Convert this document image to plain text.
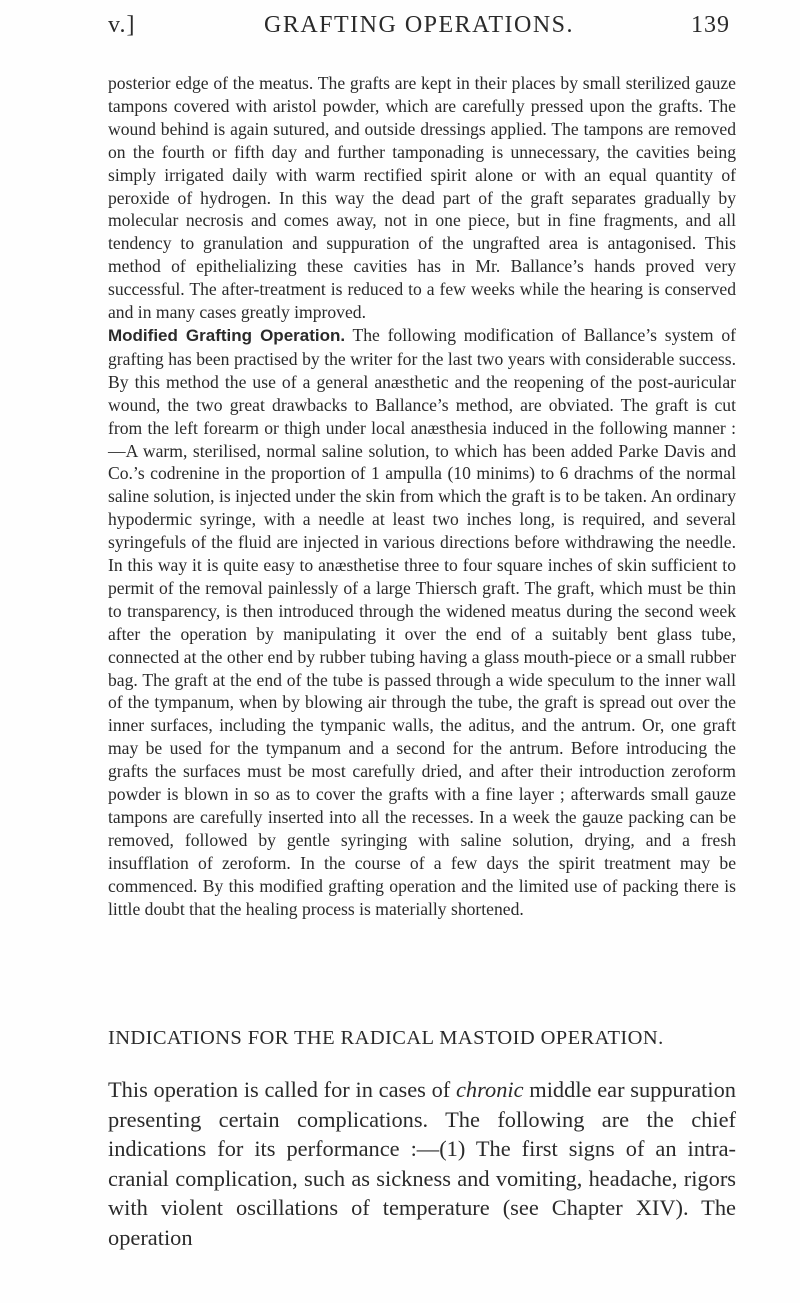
v.]	GRAFTING OPERATIONS.	139

posterior edge of the meatus. The grafts are kept in their places by small sterilized gauze tampons covered with aristol powder, which are carefully pressed upon the grafts. The wound behind is again sutured, and outside dressings applied. The tampons are removed on the fourth or fifth day and further tamponading is unnecessary, the cavities being simply irrigated daily with warm rectified spirit alone or with an equal quantity of peroxide of hydrogen. In this way the dead part of the graft separates gradually by molecular necrosis and comes away, not in one piece, but in fine fragments, and all tendency to granulation and suppuration of the ungrafted area is antagonised. This method of epithelializing these cavities has in Mr. Ballance’s hands proved very successful. The after-treatment is reduced to a few weeks while the hearing is conserved and in many cases greatly improved.

Modified Grafting Operation. The following modification of Ballance’s system of grafting has been practised by the writer for the last two years with considerable success. By this method the use of a general anæsthetic and the reopening of the post-auricular wound, the two great drawbacks to Ballance’s method, are obviated. The graft is cut from the left forearm or thigh under local anæsthesia induced in the following manner :—A warm, sterilised, normal saline solution, to which has been added Parke Davis and Co.’s codrenine in the proportion of 1 ampulla (10 minims) to 6 drachms of the normal saline solution, is injected under the skin from which the graft is to be taken. An ordinary hypodermic syringe, with a needle at least two inches long, is required, and several syringefuls of the fluid are injected in various directions before withdrawing the needle. In this way it is quite easy to anæsthetise three to four square inches of skin sufficient to permit of the removal painlessly of a large Thiersch graft. The graft, which must be thin to transparency, is then introduced through the widened meatus during the second week after the operation by manipulating it over the end of a suitably bent glass tube, connected at the other end by rubber tubing having a glass mouth-piece or a small rubber bag. The graft at the end of the tube is passed through a wide speculum to the inner wall of the tympanum, when by blowing air through the tube, the graft is spread out over the inner surfaces, including the tympanic walls, the aditus, and the antrum. Or, one graft may be used for the tympanum and a second for the antrum. Before introducing the grafts the surfaces must be most carefully dried, and after their introduction zeroform powder is blown in so as to cover the grafts with a fine layer ; afterwards small gauze tampons are carefully inserted into all the recesses. In a week the gauze packing can be removed, followed by gentle syringing with saline solution, drying, and a fresh insufflation of zeroform. In the course of a few days the spirit treatment may be commenced. By this modified grafting operation and the limited use of packing there is little doubt that the healing process is materially shortened.

INDICATIONS FOR THE RADICAL MASTOID OPERATION.

This operation is called for in cases of chronic middle ear suppuration presenting certain complications. The following are the chief indications for its performance :—(1) The first signs of an intra-cranial complication, such as sickness and vomiting, headache, rigors with violent oscillations of temperature (see Chapter XIV). The operation
